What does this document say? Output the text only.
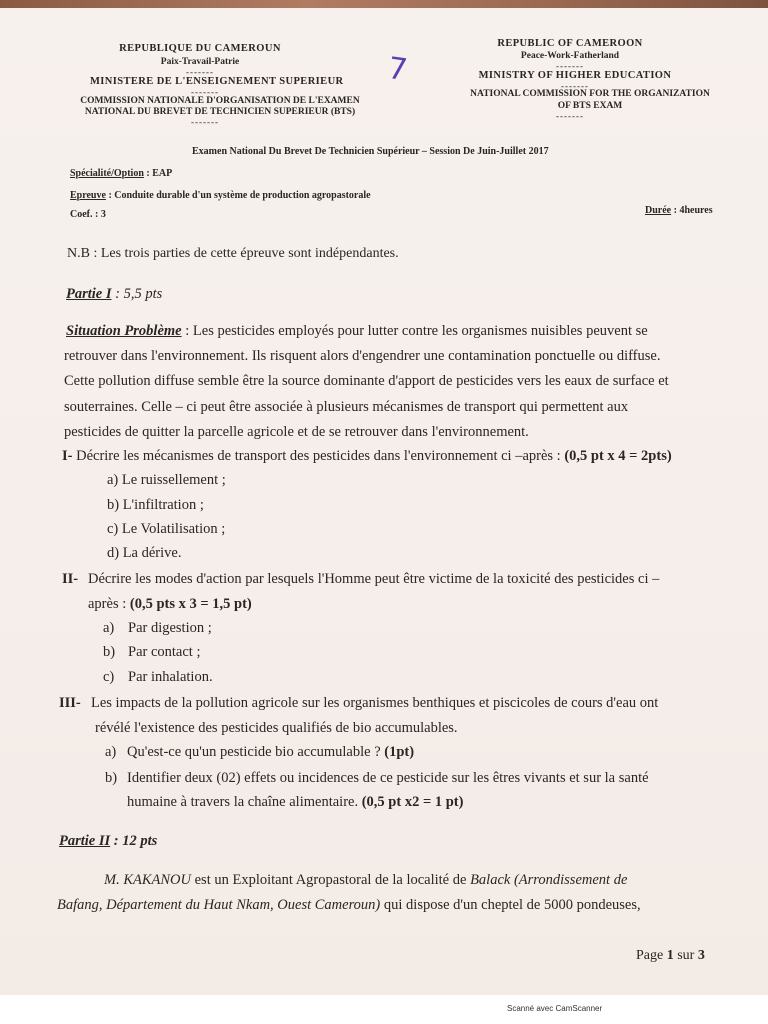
REPUBLIQUE DU CAMEROUN
Paix-Travail-Patrie
-------
MINISTERE DE L'ENSEIGNEMENT SUPERIEUR
-------
COMMISSION NATIONALE D'ORGANISATION DE L'EXAMEN
NATIONAL DU BREVET DE TECHNICIEN SUPERIEUR (BTS)
-------
7
REPUBLIC OF CAMEROON
Peace-Work-Fatherland
-------
MINISTRY OF HIGHER EDUCATION
-------
NATIONAL COMMISSION FOR THE ORGANIZATION
OF BTS EXAM
-------
Examen National Du Brevet De Technicien Supérieur – Session De Juin-Juillet 2017
Spécialité/Option : EAP
Epreuve : Conduite durable d'un système de production agropastorale
Coef. : 3	Durée : 4heures
N.B : Les trois parties de cette épreuve sont indépendantes.
Partie I : 5,5 pts
Situation Problème : Les pesticides employés pour lutter contre les organismes nuisibles peuvent se
retrouver dans l'environnement. Ils risquent alors d'engendrer une contamination ponctuelle ou diffuse.
Cette pollution diffuse semble être la source dominante d'apport de pesticides vers les eaux de surface et
souterraines. Celle – ci peut être associée à plusieurs mécanismes de transport qui permettent aux
pesticides de quitter la parcelle agricole et de se retrouver dans l'environnement.
I- Décrire les mécanismes de transport des pesticides dans l'environnement ci –après : (0,5 pt x 4 = 2pts)
a) Le ruissellement ;
b) L'infiltration ;
c) Le Volatilisation ;
d) La dérive.
II- Décrire les modes d'action par lesquels l'Homme peut être victime de la toxicité des pesticides ci –
après : (0,5 pts x 3 = 1,5 pt)
a) Par digestion ;
b) Par contact ;
c) Par inhalation.
III- Les impacts de la pollution agricole sur les organismes benthiques et piscicoles de cours d'eau ont
révélé l'existence des pesticides qualifiés de bio accumulables.
a) Qu'est-ce qu'un pesticide bio accumulable ? (1pt)
b) Identifier deux (02) effets ou incidences de ce pesticide sur les êtres vivants et sur la santé
humaine à travers la chaîne alimentaire. (0,5 pt x2 = 1 pt)
Partie II : 12 pts
M. KAKANOU est un Exploitant Agropastoral de la localité de Balack (Arrondissement de
Bafang, Département du Haut Nkam, Ouest Cameroun) qui dispose d'un cheptel de 5000 pondeuses,
Page 1 sur 3
Scanné avec CamScanner
